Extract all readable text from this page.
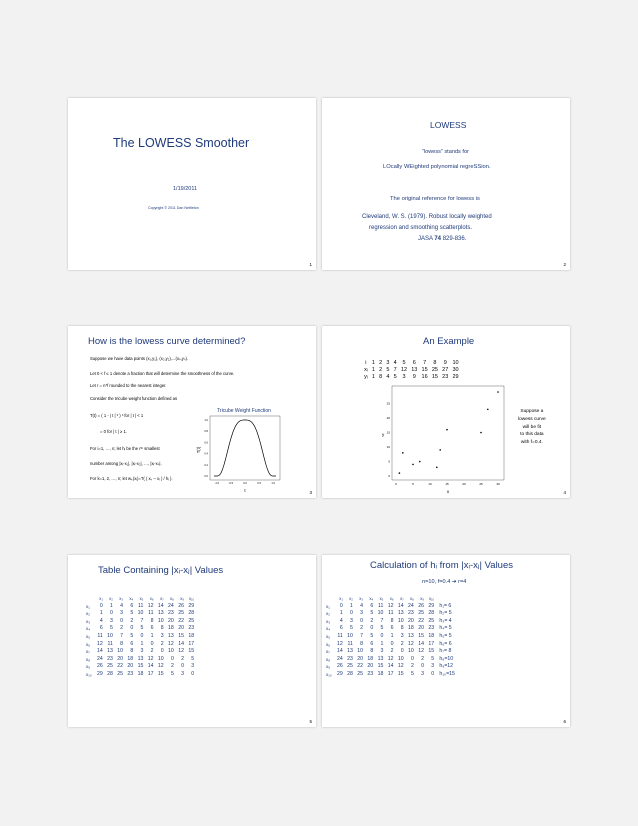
The LOWESS Smoother
1/19/2011
Copyright © 2011 Dan Nettleton
1
LOWESS
“lowess” stands for
LOcally WEighted polynomial regreSSion.
The original reference for lowess is
Cleveland, W. S. (1979). Robust locally weighted
regression and smoothing scatterplots.
JASA 74 829-836.
2
How is the lowess curve determined?
Suppose we have data points (x₁,y₁), (x₂,y₂),...(xₙ,yₙ).
Let 0 < f ≤ 1 denote a fraction that will determine the smoothness of the curve.
Let r = n*f rounded to the nearest integer.
Consider the tricube weight function defined as
T(t) = ( 1 - | t | ³ ) ³ for | t | < 1
= 0 for | t | ≥ 1.
For i=1, …, n; let hᵢ be the rᵗʰ smallest
number among |xᵢ-x₁|, |xᵢ-x₂|, …, |xᵢ-xₙ|.
For k=1, 2, …, n; let wₖ(xᵢ)=T( ( xₖ – xᵢ ) / hᵢ ).
Tricube Weight Function
-1.0	-0.5	0.0	0.5	1.0
0.0
0.2
0.4
0.6
0.8
1.0
t
T(t)
3
An Example
i	1	2	3	4	5	6	7	8	9	10
xᵢ	1	2	5	7	12	13	15	25	27	30
yᵢ	1	8	4	5	3	9	16	15	23	29
0	5	10	15	20	25	30
0
5
10
15
20
25
x
y
Suppose a
lowess curve
will be fit
to this data
with f=0.4.
4
Table Containing |xᵢ-xⱼ| Values
	x₁	x₂	x₃	x₄	x₅	x₆	x₇	x₈	x₉	x₁₀
x₁	0	1	4	6	11	12	14	24	26	29
x₂	1	0	3	5	10	11	13	23	25	28
x₃	4	3	0	2	7	8	10	20	22	25
x₄	6	5	2	0	5	6	8	18	20	23
x₅	11	10	7	5	0	1	3	13	15	18
x₆	12	11	8	6	1	0	2	12	14	17
x₇	14	13	10	8	3	2	0	10	12	15
x₈	24	23	20	18	13	12	10	0	2	5
x₉	26	25	22	20	15	14	12	2	0	3
x₁₀	29	28	25	23	18	17	15	5	3	0
5
Calculation of hᵢ from |xᵢ-xⱼ| Values
n=10, f=0.4 ➔ r=4
	x₁	x₂	x₃	x₄	x₅	x₆	x₇	x₈	x₉	x₁₀	
x₁	0	1	4	6	11	12	14	24	26	29	h₁= 6
x₂	1	0	3	5	10	11	13	23	25	28	h₂= 5
x₃	4	3	0	2	7	8	10	20	22	25	h₃= 4
x₄	6	5	2	0	5	6	8	18	20	23	h₄= 5
x₅	11	10	7	5	0	1	3	13	15	18	h₅= 5
x₆	12	11	8	6	1	0	2	12	14	17	h₆= 6
x₇	14	13	10	8	3	2	0	10	12	15	h₇= 8
x₈	24	23	20	18	13	12	10	0	2	5	h₈=10
x₉	26	25	22	20	15	14	12	2	0	3	h₉=12
x₁₀	29	28	25	23	18	17	15	5	3	0	h₁₀=15
6
